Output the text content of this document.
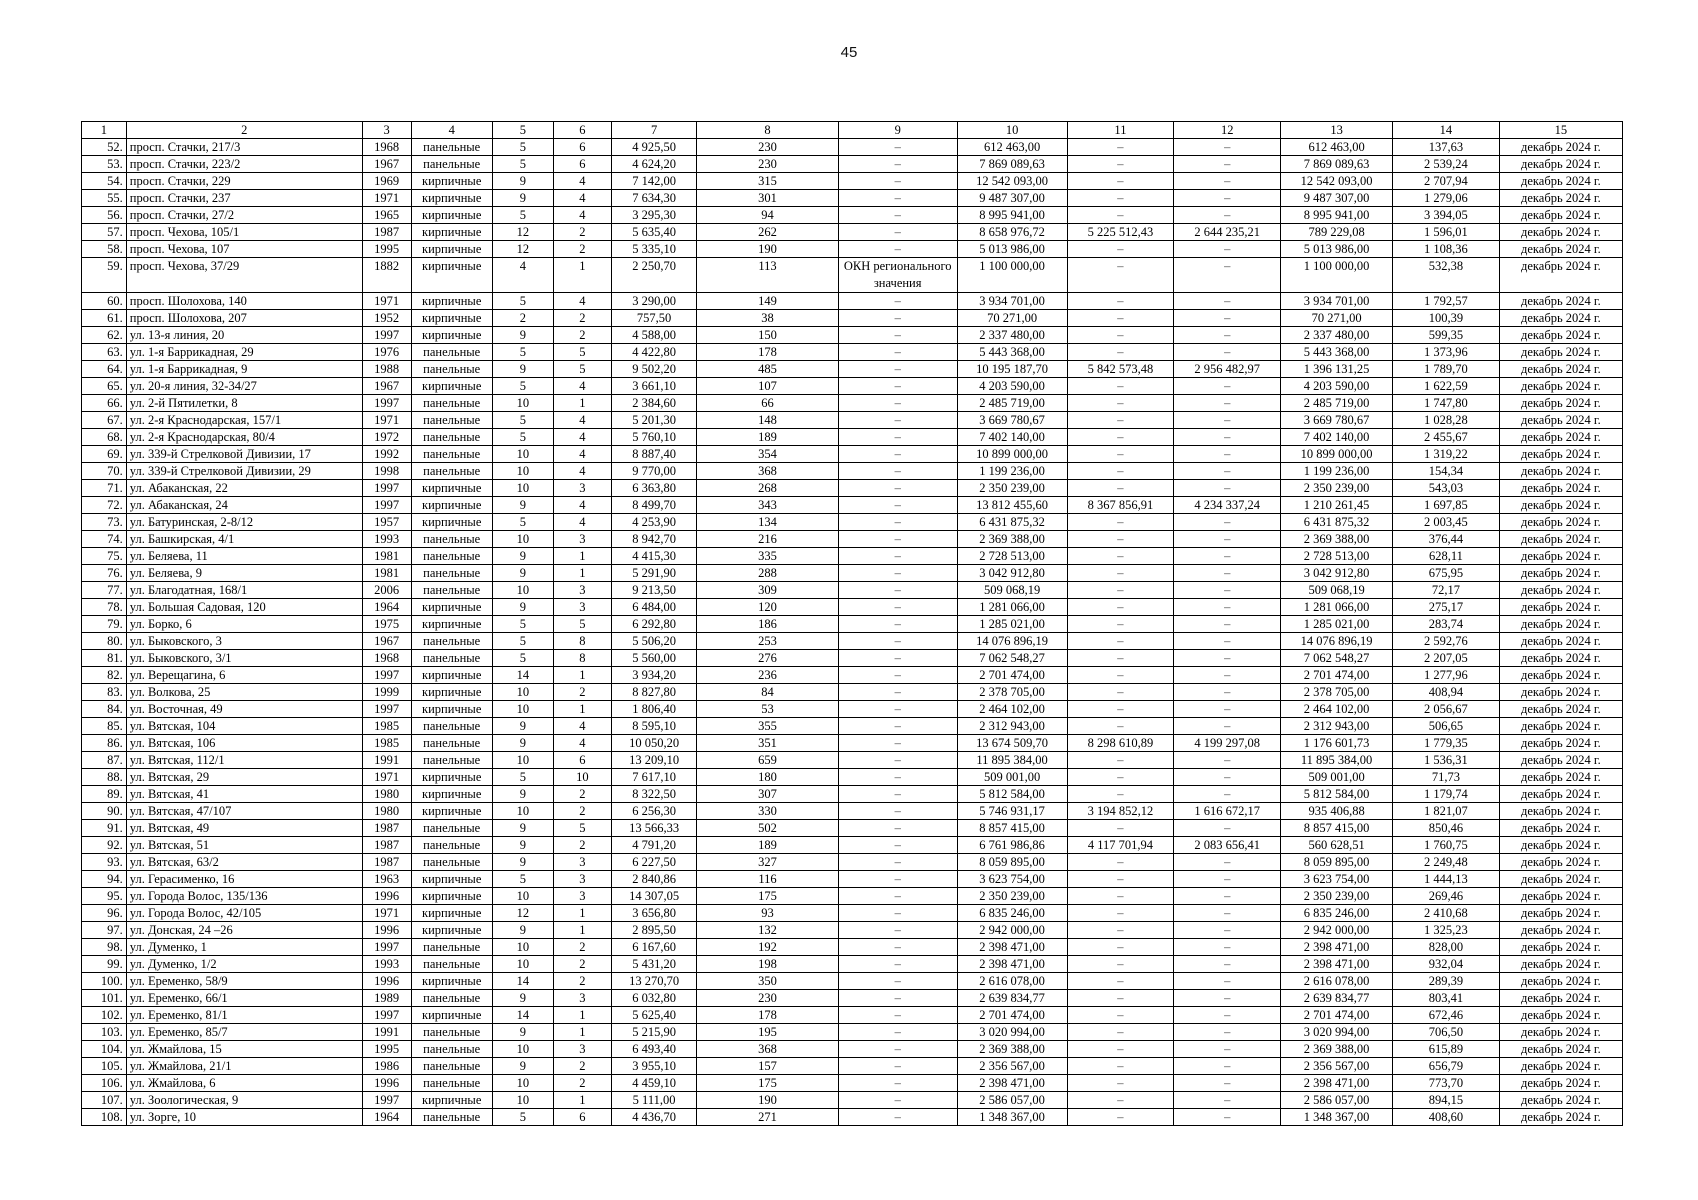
45
1	2	3	4	5	6	7	8	9	10	11	12	13	14	15
52.	просп. Стачки, 217/3	1968	панельные	5	6	4 925,50	230	–	612 463,00	–	–	612 463,00	137,63	декабрь 2024 г.
53.	просп. Стачки, 223/2	1967	панельные	5	6	4 624,20	230	–	7 869 089,63	–	–	7 869 089,63	2 539,24	декабрь 2024 г.
54.	просп. Стачки, 229	1969	кирпичные	9	4	7 142,00	315	–	12 542 093,00	–	–	12 542 093,00	2 707,94	декабрь 2024 г.
55.	просп. Стачки, 237	1971	кирпичные	9	4	7 634,30	301	–	9 487 307,00	–	–	9 487 307,00	1 279,06	декабрь 2024 г.
56.	просп. Стачки, 27/2	1965	кирпичные	5	4	3 295,30	94	–	8 995 941,00	–	–	8 995 941,00	3 394,05	декабрь 2024 г.
57.	просп. Чехова, 105/1	1987	кирпичные	12	2	5 635,40	262	–	8 658 976,72	5 225 512,43	2 644 235,21	789 229,08	1 596,01	декабрь 2024 г.
58.	просп. Чехова, 107	1995	кирпичные	12	2	5 335,10	190	–	5 013 986,00	–	–	5 013 986,00	1 108,36	декабрь 2024 г.
59.	просп. Чехова, 37/29	1882	кирпичные	4	1	2 250,70	113	ОКН регионального значения	1 100 000,00	–	–	1 100 000,00	532,38	декабрь 2024 г.
60.	просп. Шолохова, 140	1971	кирпичные	5	4	3 290,00	149	–	3 934 701,00	–	–	3 934 701,00	1 792,57	декабрь 2024 г.
61.	просп. Шолохова, 207	1952	кирпичные	2	2	757,50	38	–	70 271,00	–	–	70 271,00	100,39	декабрь 2024 г.
62.	ул. 13-я линия, 20	1997	кирпичные	9	2	4 588,00	150	–	2 337 480,00	–	–	2 337 480,00	599,35	декабрь 2024 г.
63.	ул. 1-я Баррикадная, 29	1976	панельные	5	5	4 422,80	178	–	5 443 368,00	–	–	5 443 368,00	1 373,96	декабрь 2024 г.
64.	ул. 1-я Баррикадная, 9	1988	панельные	9	5	9 502,20	485	–	10 195 187,70	5 842 573,48	2 956 482,97	1 396 131,25	1 789,70	декабрь 2024 г.
65.	ул. 20-я линия, 32-34/27	1967	кирпичные	5	4	3 661,10	107	–	4 203 590,00	–	–	4 203 590,00	1 622,59	декабрь 2024 г.
66.	ул. 2-й Пятилетки, 8	1997	панельные	10	1	2 384,60	66	–	2 485 719,00	–	–	2 485 719,00	1 747,80	декабрь 2024 г.
67.	ул. 2-я Краснодарская, 157/1	1971	панельные	5	4	5 201,30	148	–	3 669 780,67	–	–	3 669 780,67	1 028,28	декабрь 2024 г.
68.	ул. 2-я Краснодарская, 80/4	1972	панельные	5	4	5 760,10	189	–	7 402 140,00	–	–	7 402 140,00	2 455,67	декабрь 2024 г.
69.	ул. 339-й Стрелковой Дивизии, 17	1992	панельные	10	4	8 887,40	354	–	10 899 000,00	–	–	10 899 000,00	1 319,22	декабрь 2024 г.
70.	ул. 339-й Стрелковой Дивизии, 29	1998	панельные	10	4	9 770,00	368	–	1 199 236,00	–	–	1 199 236,00	154,34	декабрь 2024 г.
71.	ул. Абаканская, 22	1997	кирпичные	10	3	6 363,80	268	–	2 350 239,00	–	–	2 350 239,00	543,03	декабрь 2024 г.
72.	ул. Абаканская, 24	1997	кирпичные	9	4	8 499,70	343	–	13 812 455,60	8 367 856,91	4 234 337,24	1 210 261,45	1 697,85	декабрь 2024 г.
73.	ул. Батуринская, 2-8/12	1957	кирпичные	5	4	4 253,90	134	–	6 431 875,32	–	–	6 431 875,32	2 003,45	декабрь 2024 г.
74.	ул. Башкирская, 4/1	1993	панельные	10	3	8 942,70	216	–	2 369 388,00	–	–	2 369 388,00	376,44	декабрь 2024 г.
75.	ул. Беляева, 11	1981	панельные	9	1	4 415,30	335	–	2 728 513,00	–	–	2 728 513,00	628,11	декабрь 2024 г.
76.	ул. Беляева, 9	1981	панельные	9	1	5 291,90	288	–	3 042 912,80	–	–	3 042 912,80	675,95	декабрь 2024 г.
77.	ул. Благодатная, 168/1	2006	панельные	10	3	9 213,50	309	–	509 068,19	–	–	509 068,19	72,17	декабрь 2024 г.
78.	ул. Большая Садовая, 120	1964	кирпичные	9	3	6 484,00	120	–	1 281 066,00	–	–	1 281 066,00	275,17	декабрь 2024 г.
79.	ул. Борко, 6	1975	кирпичные	5	5	6 292,80	186	–	1 285 021,00	–	–	1 285 021,00	283,74	декабрь 2024 г.
80.	ул. Быковского, 3	1967	панельные	5	8	5 506,20	253	–	14 076 896,19	–	–	14 076 896,19	2 592,76	декабрь 2024 г.
81.	ул. Быковского, 3/1	1968	панельные	5	8	5 560,00	276	–	7 062 548,27	–	–	7 062 548,27	2 207,05	декабрь 2024 г.
82.	ул. Верещагина, 6	1997	кирпичные	14	1	3 934,20	236	–	2 701 474,00	–	–	2 701 474,00	1 277,96	декабрь 2024 г.
83.	ул. Волкова, 25	1999	кирпичные	10	2	8 827,80	84	–	2 378 705,00	–	–	2 378 705,00	408,94	декабрь 2024 г.
84.	ул. Восточная, 49	1997	кирпичные	10	1	1 806,40	53	–	2 464 102,00	–	–	2 464 102,00	2 056,67	декабрь 2024 г.
85.	ул. Вятская, 104	1985	панельные	9	4	8 595,10	355	–	2 312 943,00	–	–	2 312 943,00	506,65	декабрь 2024 г.
86.	ул. Вятская, 106	1985	панельные	9	4	10 050,20	351	–	13 674 509,70	8 298 610,89	4 199 297,08	1 176 601,73	1 779,35	декабрь 2024 г.
87.	ул. Вятская, 112/1	1991	панельные	10	6	13 209,10	659	–	11 895 384,00	–	–	11 895 384,00	1 536,31	декабрь 2024 г.
88.	ул. Вятская, 29	1971	кирпичные	5	10	7 617,10	180	–	509 001,00	–	–	509 001,00	71,73	декабрь 2024 г.
89.	ул. Вятская, 41	1980	кирпичные	9	2	8 322,50	307	–	5 812 584,00	–	–	5 812 584,00	1 179,74	декабрь 2024 г.
90.	ул. Вятская, 47/107	1980	кирпичные	10	2	6 256,30	330	–	5 746 931,17	3 194 852,12	1 616 672,17	935 406,88	1 821,07	декабрь 2024 г.
91.	ул. Вятская, 49	1987	панельные	9	5	13 566,33	502	–	8 857 415,00	–	–	8 857 415,00	850,46	декабрь 2024 г.
92.	ул. Вятская, 51	1987	панельные	9	2	4 791,20	189	–	6 761 986,86	4 117 701,94	2 083 656,41	560 628,51	1 760,75	декабрь 2024 г.
93.	ул. Вятская, 63/2	1987	панельные	9	3	6 227,50	327	–	8 059 895,00	–	–	8 059 895,00	2 249,48	декабрь 2024 г.
94.	ул. Герасименко, 16	1963	кирпичные	5	3	2 840,86	116	–	3 623 754,00	–	–	3 623 754,00	1 444,13	декабрь 2024 г.
95.	ул. Города Волос, 135/136	1996	кирпичные	10	3	14 307,05	175	–	2 350 239,00	–	–	2 350 239,00	269,46	декабрь 2024 г.
96.	ул. Города Волос, 42/105	1971	кирпичные	12	1	3 656,80	93	–	6 835 246,00	–	–	6 835 246,00	2 410,68	декабрь 2024 г.
97.	ул. Донская, 24 –26	1996	кирпичные	9	1	2 895,50	132	–	2 942 000,00	–	–	2 942 000,00	1 325,23	декабрь 2024 г.
98.	ул. Думенко, 1	1997	панельные	10	2	6 167,60	192	–	2 398 471,00	–	–	2 398 471,00	828,00	декабрь 2024 г.
99.	ул. Думенко, 1/2	1993	панельные	10	2	5 431,20	198	–	2 398 471,00	–	–	2 398 471,00	932,04	декабрь 2024 г.
100.	ул. Еременко, 58/9	1996	кирпичные	14	2	13 270,70	350	–	2 616 078,00	–	–	2 616 078,00	289,39	декабрь 2024 г.
101.	ул. Еременко, 66/1	1989	панельные	9	3	6 032,80	230	–	2 639 834,77	–	–	2 639 834,77	803,41	декабрь 2024 г.
102.	ул. Еременко, 81/1	1997	кирпичные	14	1	5 625,40	178	–	2 701 474,00	–	–	2 701 474,00	672,46	декабрь 2024 г.
103.	ул. Еременко, 85/7	1991	панельные	9	1	5 215,90	195	–	3 020 994,00	–	–	3 020 994,00	706,50	декабрь 2024 г.
104.	ул. Жмайлова, 15	1995	панельные	10	3	6 493,40	368	–	2 369 388,00	–	–	2 369 388,00	615,89	декабрь 2024 г.
105.	ул. Жмайлова, 21/1	1986	панельные	9	2	3 955,10	157	–	2 356 567,00	–	–	2 356 567,00	656,79	декабрь 2024 г.
106.	ул. Жмайлова, 6	1996	панельные	10	2	4 459,10	175	–	2 398 471,00	–	–	2 398 471,00	773,70	декабрь 2024 г.
107.	ул. Зоологическая, 9	1997	кирпичные	10	1	5 111,00	190	–	2 586 057,00	–	–	2 586 057,00	894,15	декабрь 2024 г.
108.	ул. Зорге, 10	1964	панельные	5	6	4 436,70	271	–	1 348 367,00	–	–	1 348 367,00	408,60	декабрь 2024 г.
